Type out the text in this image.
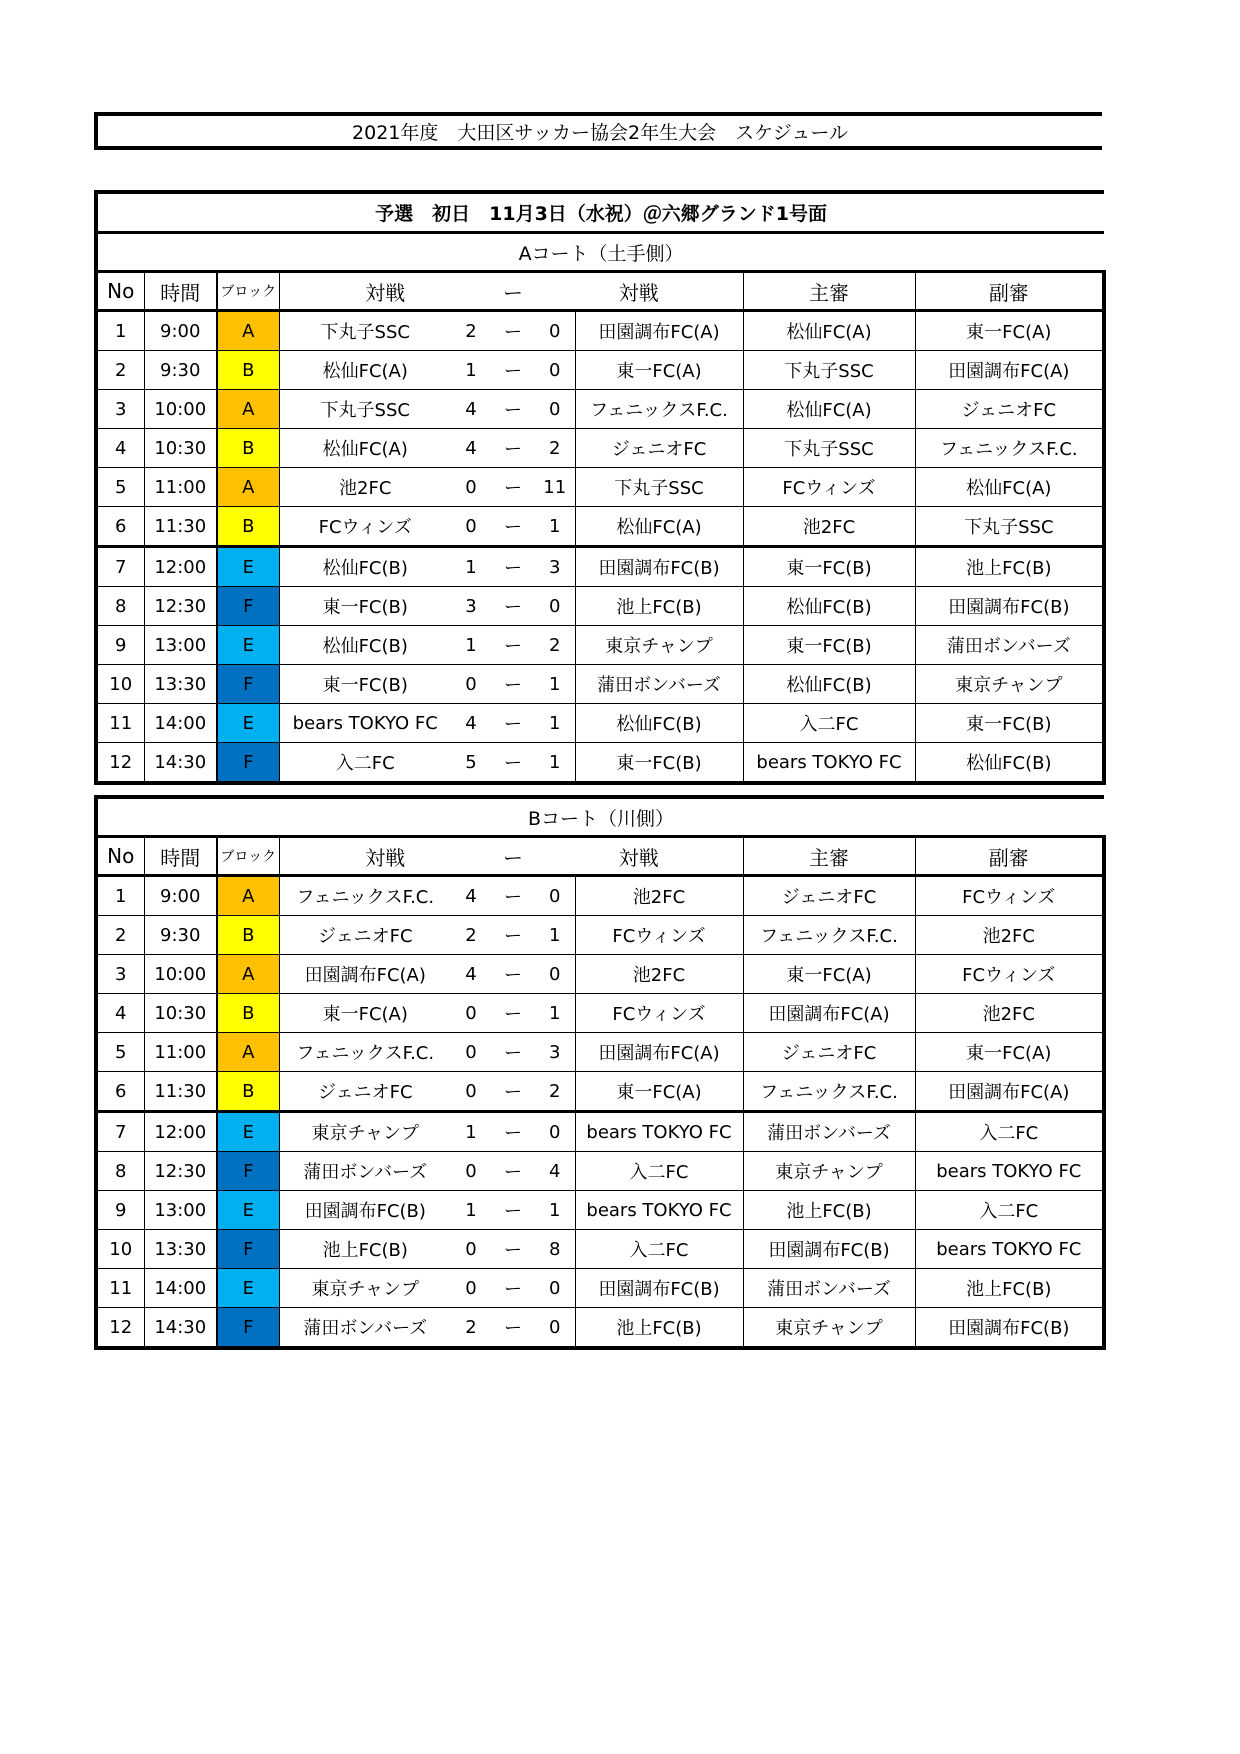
2021年度　大田区サッカー協会2年生大会　スケジュール
予選　初日　11月3日（水祝）＠六郷グランド1号面									
Aコート（土手側）									
No	時間	ブロック	対戦		ー	対戦		主審	副審
1	9:00	A	下丸子SSC	2	ー	0	田園調布FC(A)	松仙FC(A)	東一FC(A)
2	9:30	B	松仙FC(A)	1	ー	0	東一FC(A)	下丸子SSC	田園調布FC(A)
3	10:00	A	下丸子SSC	4	ー	0	フェニックスF.C.	松仙FC(A)	ジェニオFC
4	10:30	B	松仙FC(A)	4	ー	2	ジェニオFC	下丸子SSC	フェニックスF.C.
5	11:00	A	池2FC	0	ー	11	下丸子SSC	FCウィンズ	松仙FC(A)
6	11:30	B	FCウィンズ	0	ー	1	松仙FC(A)	池2FC	下丸子SSC
7	12:00	E	松仙FC(B)	1	ー	3	田園調布FC(B)	東一FC(B)	池上FC(B)
8	12:30	F	東一FC(B)	3	ー	0	池上FC(B)	松仙FC(B)	田園調布FC(B)
9	13:00	E	松仙FC(B)	1	ー	2	東京チャンプ	東一FC(B)	蒲田ボンバーズ
10	13:30	F	東一FC(B)	0	ー	1	蒲田ボンバーズ	松仙FC(B)	東京チャンプ
11	14:00	E	bears TOKYO FC	4	ー	1	松仙FC(B)	入二FC	東一FC(B)
12	14:30	F	入二FC	5	ー	1	東一FC(B)	bears TOKYO FC	松仙FC(B)
Bコート（川側）									
No	時間	ブロック	対戦		ー	対戦		主審	副審
1	9:00	A	フェニックスF.C.	4	ー	0	池2FC	ジェニオFC	FCウィンズ
2	9:30	B	ジェニオFC	2	ー	1	FCウィンズ	フェニックスF.C.	池2FC
3	10:00	A	田園調布FC(A)	4	ー	0	池2FC	東一FC(A)	FCウィンズ
4	10:30	B	東一FC(A)	0	ー	1	FCウィンズ	田園調布FC(A)	池2FC
5	11:00	A	フェニックスF.C.	0	ー	3	田園調布FC(A)	ジェニオFC	東一FC(A)
6	11:30	B	ジェニオFC	0	ー	2	東一FC(A)	フェニックスF.C.	田園調布FC(A)
7	12:00	E	東京チャンプ	1	ー	0	bears TOKYO FC	蒲田ボンバーズ	入二FC
8	12:30	F	蒲田ボンバーズ	0	ー	4	入二FC	東京チャンプ	bears TOKYO FC
9	13:00	E	田園調布FC(B)	1	ー	1	bears TOKYO FC	池上FC(B)	入二FC
10	13:30	F	池上FC(B)	0	ー	8	入二FC	田園調布FC(B)	bears TOKYO FC
11	14:00	E	東京チャンプ	0	ー	0	田園調布FC(B)	蒲田ボンバーズ	池上FC(B)
12	14:30	F	蒲田ボンバーズ	2	ー	0	池上FC(B)	東京チャンプ	田園調布FC(B)
